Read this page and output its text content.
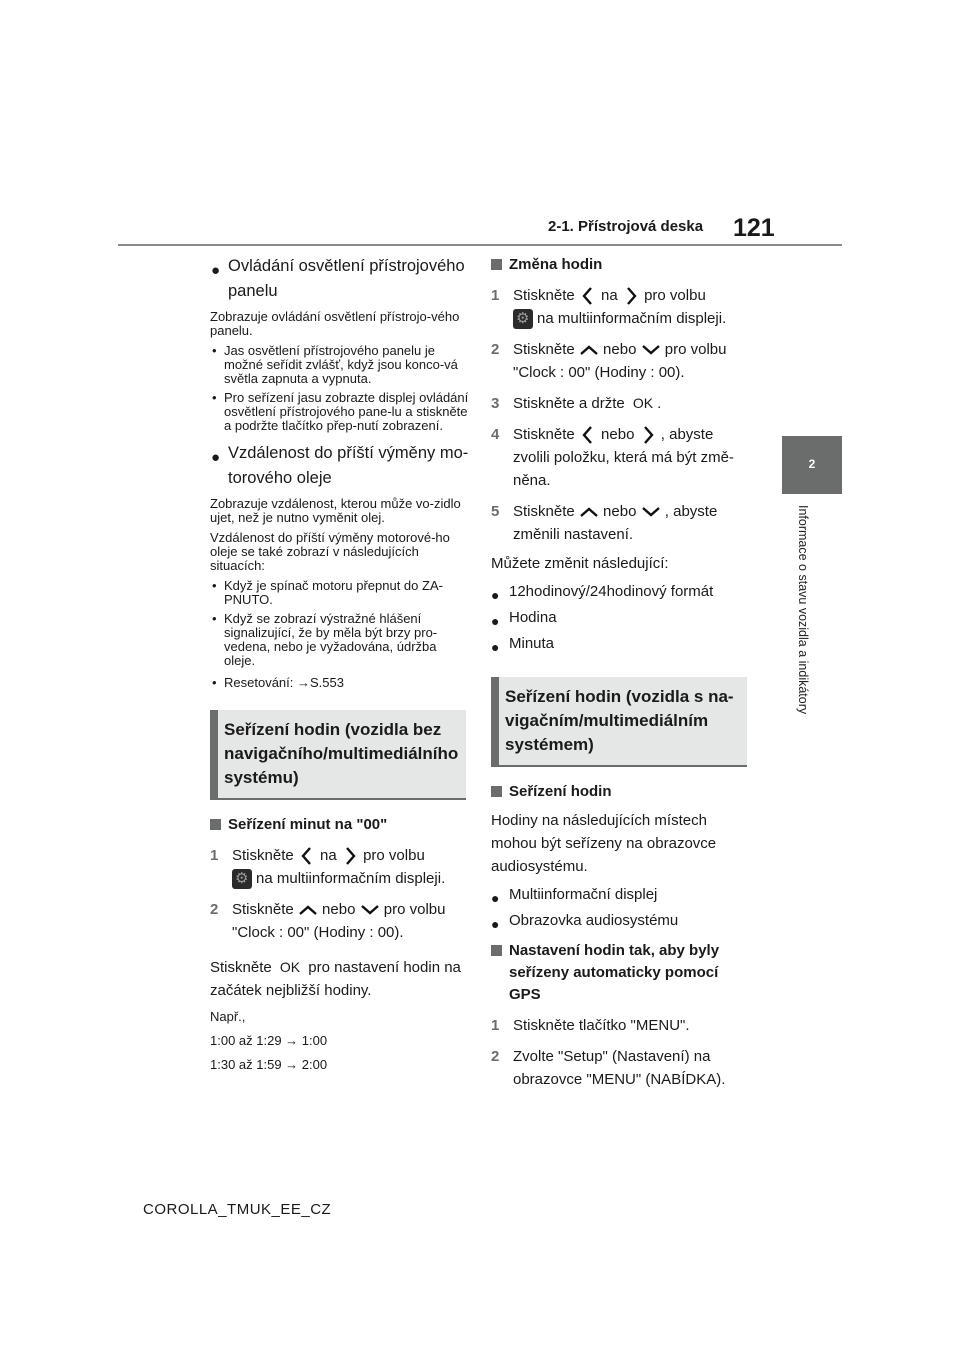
2-1. Přístrojová deska 121
2
Informace o stavu vozidla a indikátory
● Ovládání osvětlení přístrojového panelu
Zobrazuje ovládání osvětlení přístrojo-vého panelu.
• Jas osvětlení přístrojového panelu je možné seřídit zvlášť, když jsou konco-vá světla zapnuta a vypnuta.
• Pro seřízení jasu zobrazte displej ovládání osvětlení přístrojového pane-lu a stiskněte a podržte tlačítko přep-nutí zobrazení.
● Vzdálenost do příští výměny mo-torového oleje
Zobrazuje vzdálenost, kterou může vo-zidlo ujet, než je nutno vyměnit olej.
Vzdálenost do příští výměny motorové-ho oleje se také zobrazí v následujících situacích:
• Když je spínač motoru přepnut do ZA-PNUTO.
• Když se zobrazí výstražné hlášení signalizující, že by měla být brzy pro-vedena, nebo je vyžadována, údržba oleje.
• Resetování: →S.553
Seřízení hodin (vozidla bez navigačního/multimediálního systému)
Seřízení minut na "00"
1 Stiskněte na pro volbu
⚙na multiinformačním displeji.
2 Stiskněte nebo pro volbu
"Clock : 00" (Hodiny : 00).
Stiskněte OK pro nastavení hodin na začátek nejbližší hodiny.
Např.,
1:00 až 1:29 → 1:00
1:30 až 1:59 → 2:00
Změna hodin
1 Stiskněte na pro volbu
⚙na multiinformačním displeji.
2 Stiskněte nebo pro volbu
"Clock : 00" (Hodiny : 00).
3 Stiskněte a držte OK .
4 Stiskněte nebo , abyste
zvolili položku, která má být změ-něna.
5 Stiskněte nebo , abyste
změnili nastavení.
Můžete změnit následující:
● 12hodinový/24hodinový formát
● Hodina
● Minuta
Seřízení hodin (vozidla s na-vigačním/multimediálním systémem)
Seřízení hodin
Hodiny na následujících místech mohou být seřízeny na obrazovce audiosystému.
● Multiinformační displej
● Obrazovka audiosystému
Nastavení hodin tak, aby byly seřízeny automaticky pomocí GPS
1 Stiskněte tlačítko "MENU".
2 Zvolte "Setup" (Nastavení) na obrazovce "MENU" (NABÍDKA).
COROLLA_TMUK_EE_CZ
